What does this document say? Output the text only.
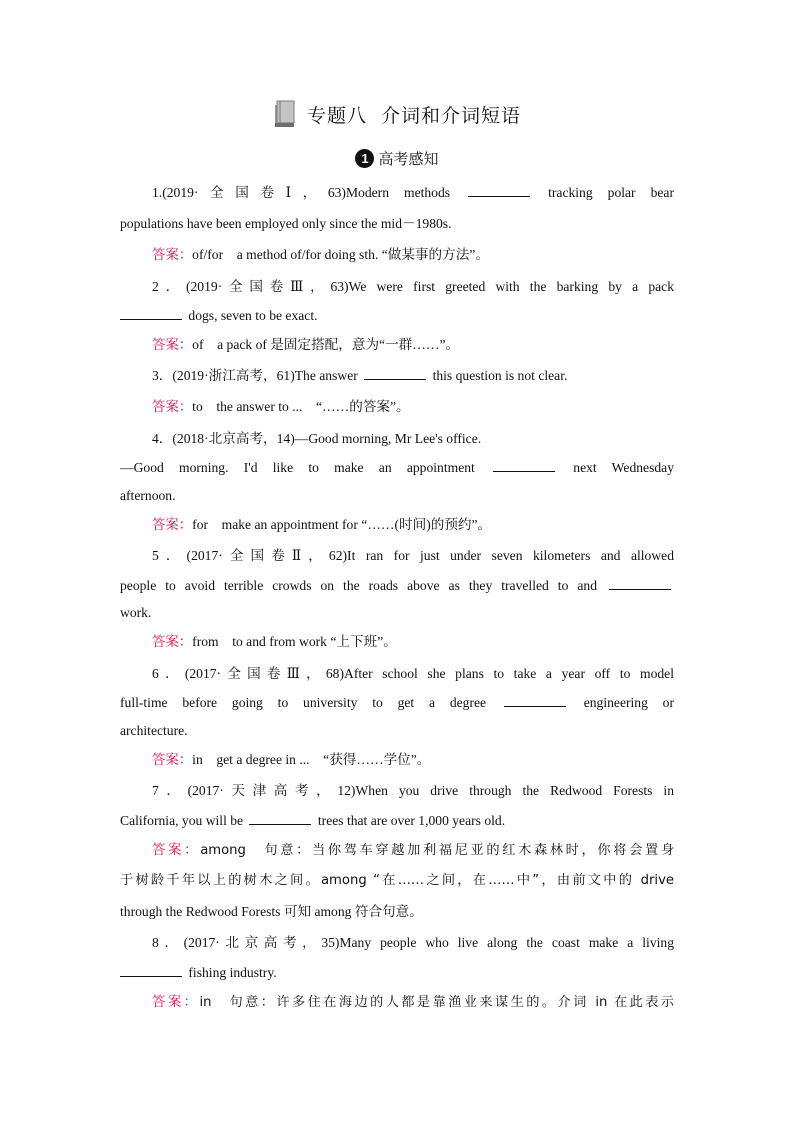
专题八 介词和介词短语
1 高考感知
1.(2019·全国卷Ⅰ，63)Modern methods	tracking polar bear
populations have been employed only since the mid－1980s.
答案：of/for　a method of/for doing sth. “做某事的方法”。
2．(2019·全国卷Ⅲ，63)We were first greeted with the barking by a pack
dogs, seven to be exact.
答案：of　a pack of 是固定搭配，意为“一群……”。
3．(2019·浙江高考，61)The answer	this question is not clear.
答案：to　the answer to ...　“……的答案”。
4．(2018·北京高考，14)—Good morning, Mr Lee's office.
—Good morning. I'd like to make an appointment	next Wednesday
afternoon.
答案：for　make an appointment for “……(时间)的预约”。
5．(2017·全国卷Ⅱ，62)It ran for just under seven kilometers and allowed
people to avoid terrible crowds on the roads above as they travelled to and
work.
答案：from　to and from work “上下班”。
6．(2017·全国卷Ⅲ，68)After school she plans to take a year off to model
full-time before going to university to get a degree	engineering or
architecture.
答案：in　get a degree in ...　“获得……学位”。
7．(2017·天津高考，12)When you drive through the Redwood Forests in
California, you will be	trees that are over 1,000 years old.
答案：among　句意：当你驾车穿越加利福尼亚的红木森林时，你将会置身
于树龄千年以上的树木之间。among “在……之间，在……中”，由前文中的 drive
through the Redwood Forests 可知 among 符合句意。
8．(2017·北京高考，35)Many people who live along the coast make a living
fishing industry.
答案：in　句意：许多住在海边的人都是靠渔业来谋生的。介词 in 在此表示
